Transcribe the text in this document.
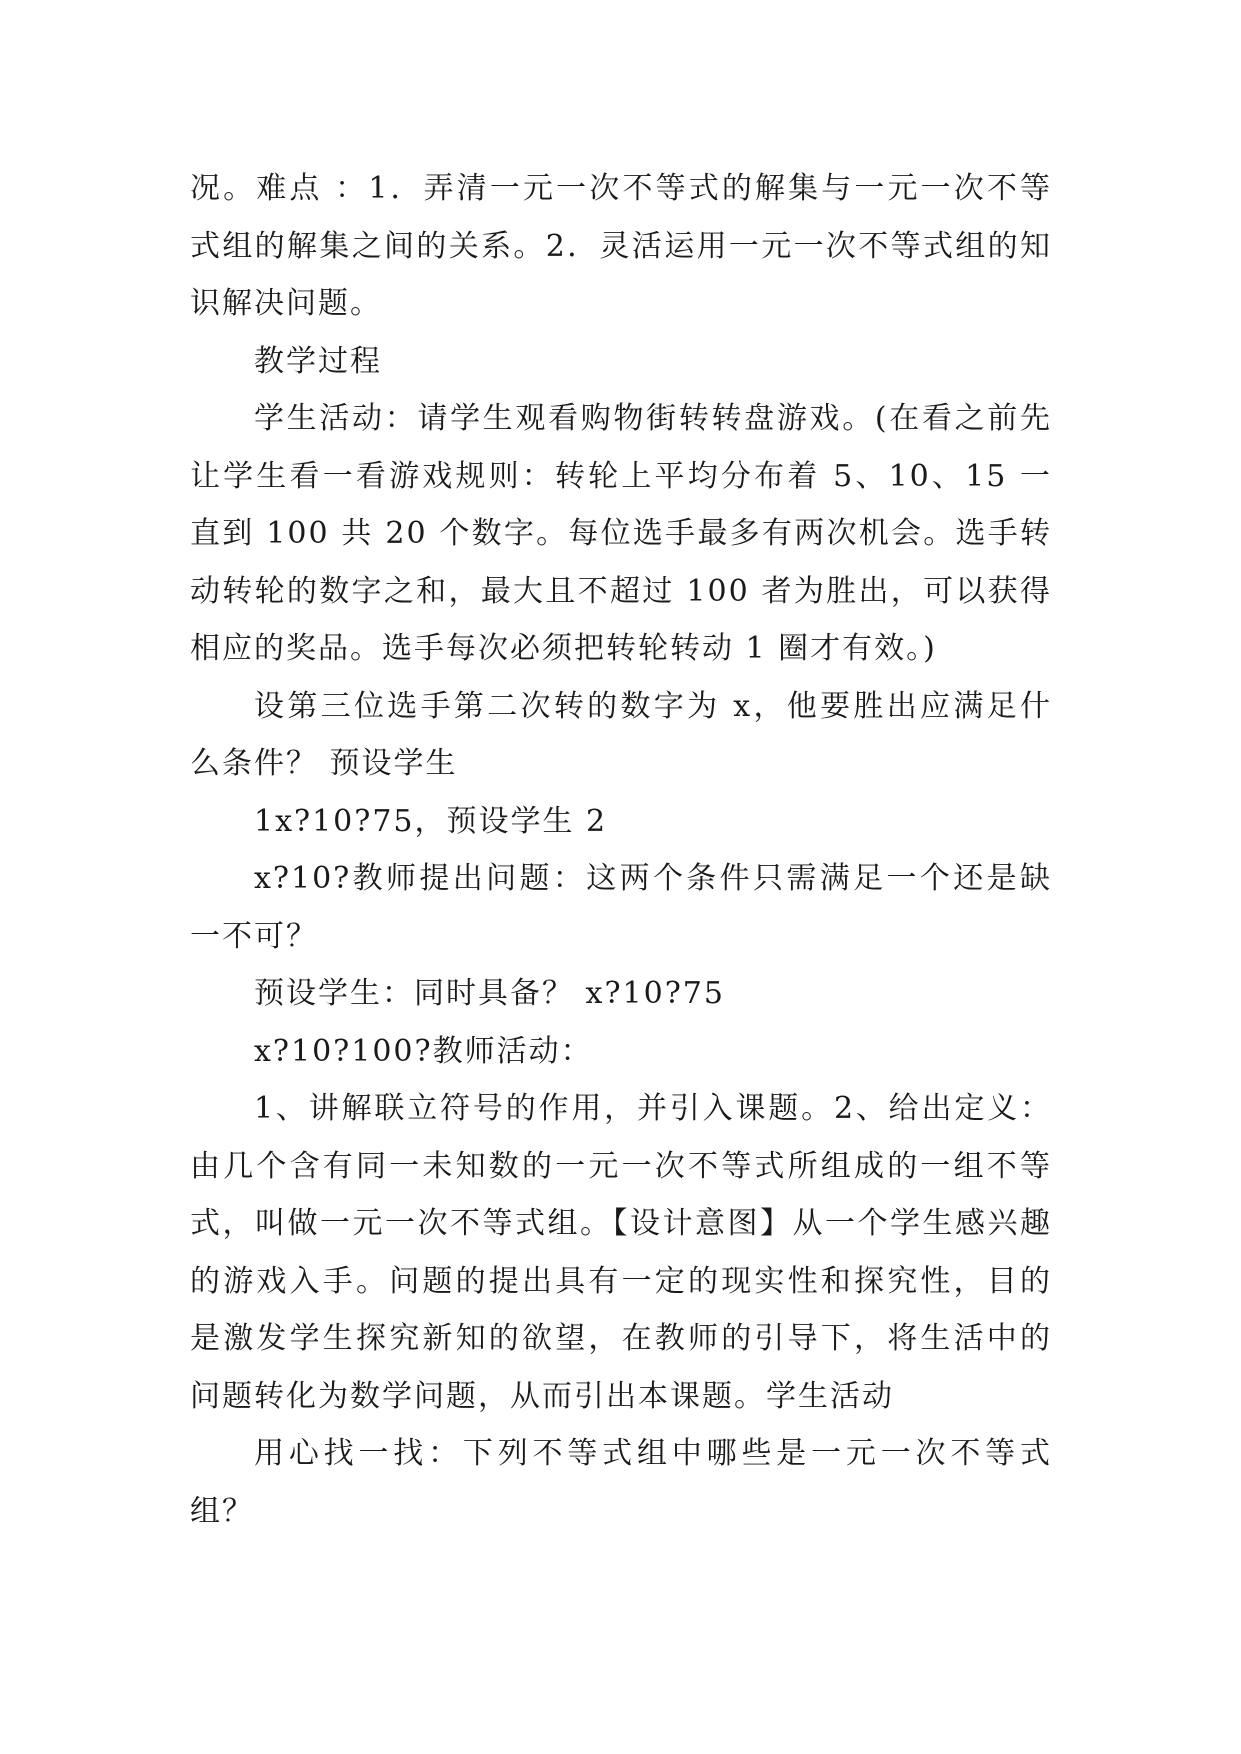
况。难点 ：1．弄清一元一次不等式的解集与一元一次不等式组的解集之间的关系。2．灵活运用一元一次不等式组的知识解决问题。

教学过程

学生活动：请学生观看购物街转转盘游戏。(在看之前先让学生看一看游戏规则：转轮上平均分布着 5、10、15 一直到 100 共 20 个数字。每位选手最多有两次机会。选手转动转轮的数字之和，最大且不超过 100 者为胜出，可以获得相应的奖品。选手每次必须把转轮转动 1 圈才有效。)

设第三位选手第二次转的数字为 x，他要胜出应满足什么条件？ 预设学生

1x?10?75，预设学生 2

x?10?教师提出问题：这两个条件只需满足一个还是缺一不可？

预设学生：同时具备？ x?10?75

x?10?100?教师活动：

1、讲解联立符号的作用，并引入课题。2、给出定义：由几个含有同一未知数的一元一次不等式所组成的一组不等式，叫做一元一次不等式组。【设计意图】从一个学生感兴趣的游戏入手。问题的提出具有一定的现实性和探究性，目的是激发学生探究新知的欲望，在教师的引导下，将生活中的问题转化为数学问题，从而引出本课题。学生活动

用心找一找：下列不等式组中哪些是一元一次不等式组？
